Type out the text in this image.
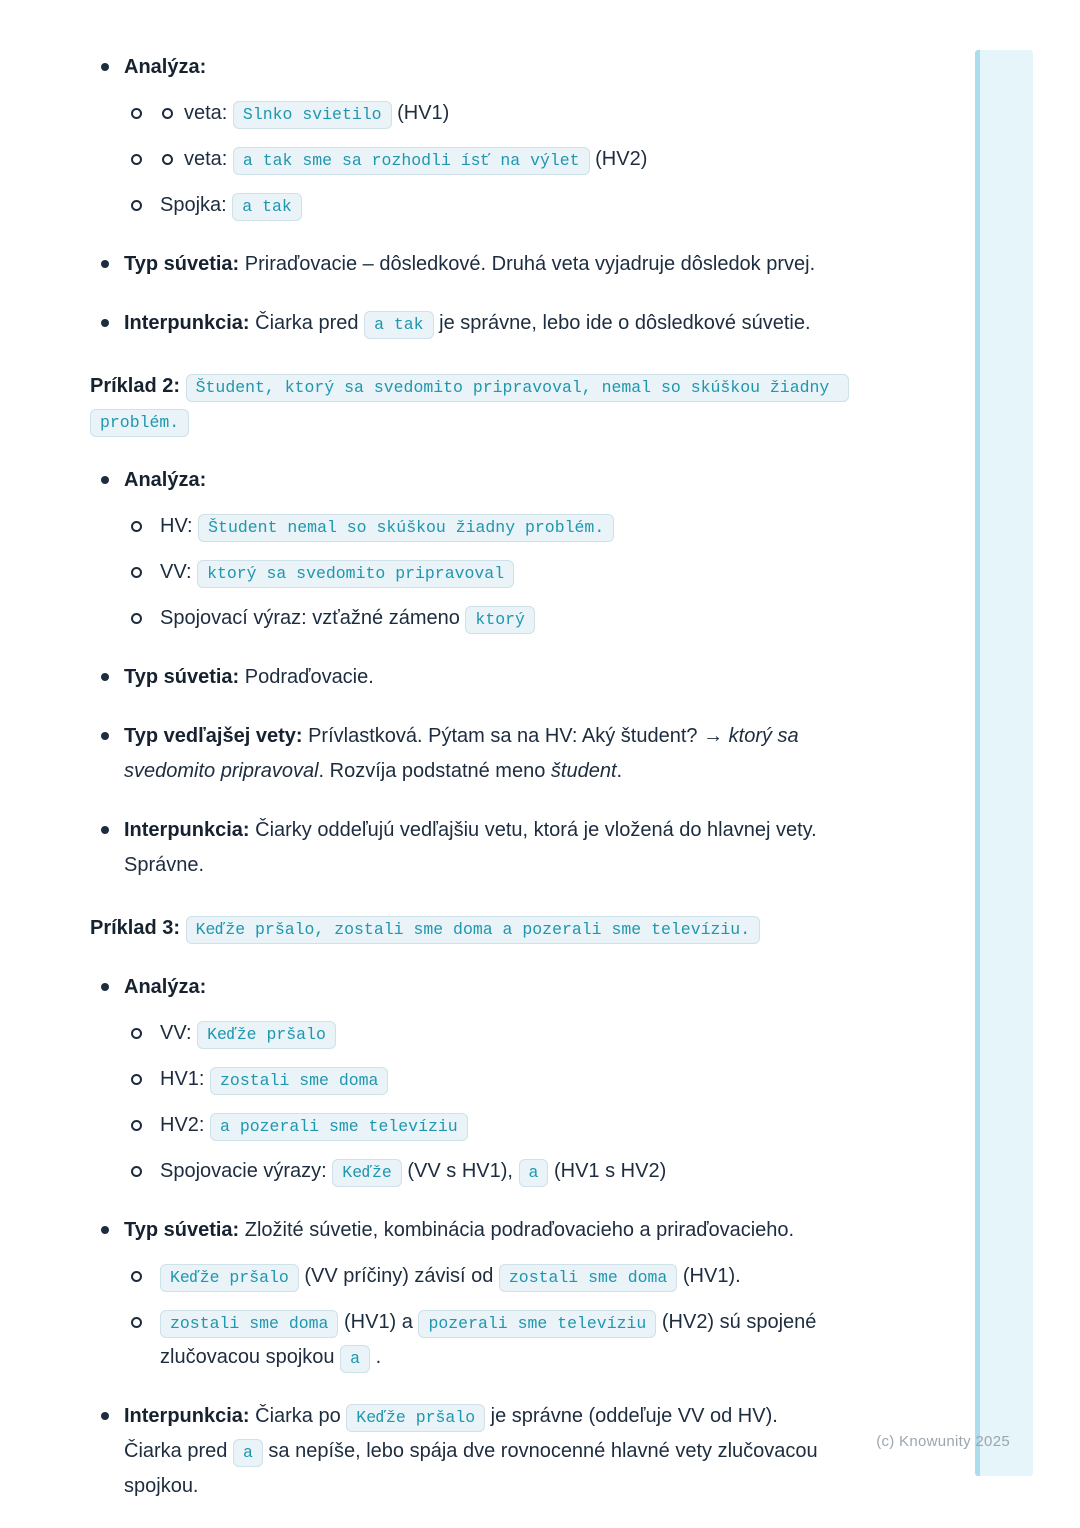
Analýza:
veta: Slnko svietilo (HV1)
veta: a tak sme sa rozhodli ísť na výlet (HV2)
Spojka: a tak
Typ súvetia: Priraďovacie – dôsledkové. Druhá veta vyjadruje dôsledok prvej.
Interpunkcia: Čiarka pred a tak je správne, lebo ide o dôsledkové súvetie.
Príklad 2: Študent, ktorý sa svedomito pripravoval, nemal so skúškou žiadny problém.
Analýza:
HV: Študent nemal so skúškou žiadny problém.
VV: ktorý sa svedomito pripravoval
Spojovací výraz: vzťažné zámeno ktorý
Typ súvetia: Podraďovacie.
Typ vedľajšej vety: Prívlastková. Pýtam sa na HV: Aký študent? → ktorý sa svedomito pripravoval. Rozvíja podstatné meno študent.
Interpunkcia: Čiarky oddeľujú vedľajšiu vetu, ktorá je vložená do hlavnej vety. Správne.
Príklad 3: Keďže pršalo, zostali sme doma a pozerali sme televíziu.
Analýza:
VV: Keďže pršalo
HV1: zostali sme doma
HV2: a pozerali sme televíziu
Spojovacie výrazy: Keďže (VV s HV1), a (HV1 s HV2)
Typ súvetia: Zložité súvetie, kombinácia podraďovacieho a priraďovacieho.
Keďže pršalo (VV príčiny) závisí od zostali sme doma (HV1).
zostali sme doma (HV1) a pozerali sme televíziu (HV2) sú spojené zlučovacou spojkou a .
Interpunkcia: Čiarka po Keďže pršalo je správne (oddeľuje VV od HV). Čiarka pred a sa nepíše, lebo spája dve rovnocenné hlavné vety zlučovacou spojkou.
(c) Knowunity 2025
